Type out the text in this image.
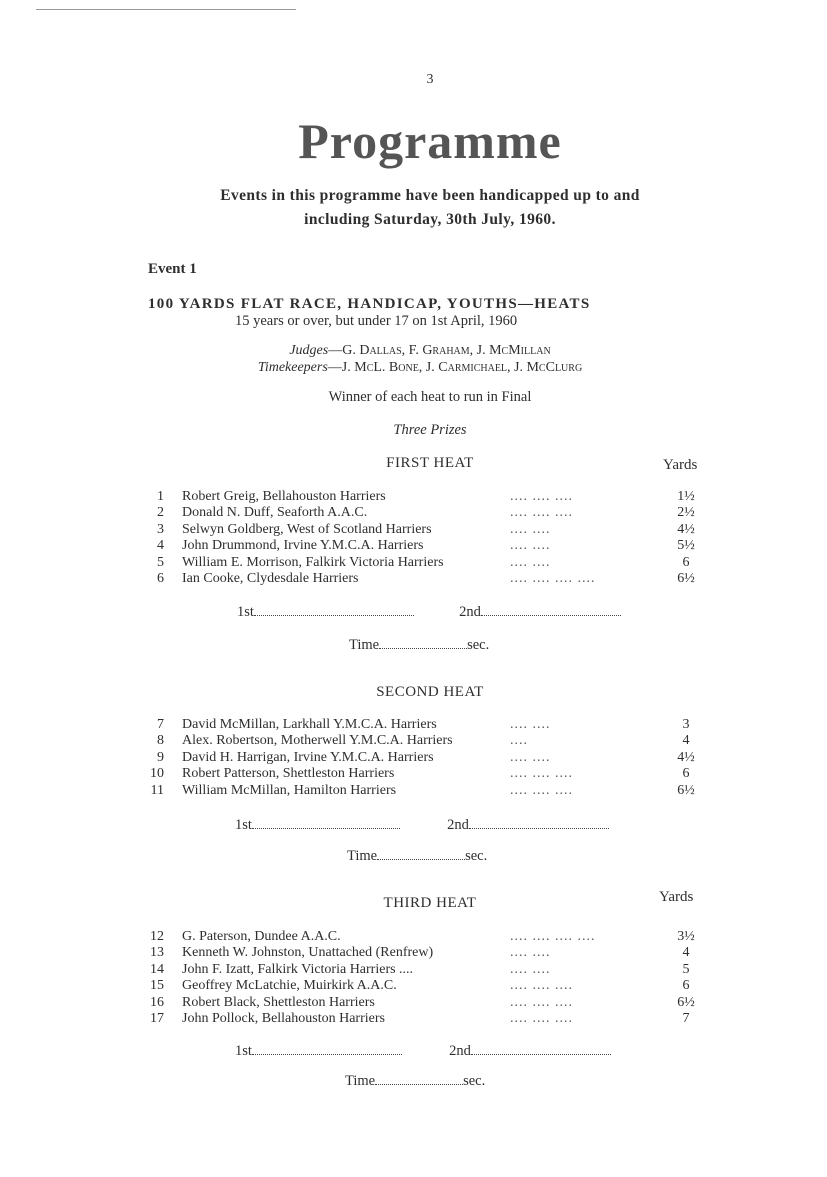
3
Programme
Events in this programme have been handicapped up to and
including Saturday, 30th July, 1960.
Event 1
100 YARDS FLAT RACE, HANDICAP, YOUTHS—HEATS
15 years or over, but under 17 on 1st April, 1960
Judges—G. Dallas, F. Graham, J. McMillan
Timekeepers—J. McL. Bone, J. Carmichael, J. McClurg
Winner of each heat to run in Final
Three Prizes
FIRST HEAT	Yards
1 Robert Greig, Bellahouston Harriers	.... .... ....	1½
2 Donald N. Duff, Seaforth A.A.C.	.... .... ....	2½
3 Selwyn Goldberg, West of Scotland Harriers	.... ....	4½
4 John Drummond, Irvine Y.M.C.A. Harriers	.... ....	5½
5 William E. Morrison, Falkirk Victoria Harriers	.... ....	6
6 Ian Cooke, Clydesdale Harriers	.... .... .... ....	6½
1st	2nd
Time	sec.
SECOND HEAT
7 David McMillan, Larkhall Y.M.C.A. Harriers	.... ....	3
8 Alex. Robertson, Motherwell Y.M.C.A. Harriers	....	4
9 David H. Harrigan, Irvine Y.M.C.A. Harriers	.... ....	4½
10 Robert Patterson, Shettleston Harriers	.... .... ....	6
11 William McMillan, Hamilton Harriers	.... .... ....	6½
1st	2nd
Time	sec.
Yards
THIRD HEAT
12 G. Paterson, Dundee A.A.C.	.... .... .... ....	3½
13 Kenneth W. Johnston, Unattached (Renfrew)	.... ....	4
14 John F. Izatt, Falkirk Victoria Harriers ....	.... ....	5
15 Geoffrey McLatchie, Muirkirk A.A.C.	.... .... ....	6
16 Robert Black, Shettleston Harriers	.... .... ....	6½
17 John Pollock, Bellahouston Harriers	.... .... ....	7
1st	2nd
Time	sec.
